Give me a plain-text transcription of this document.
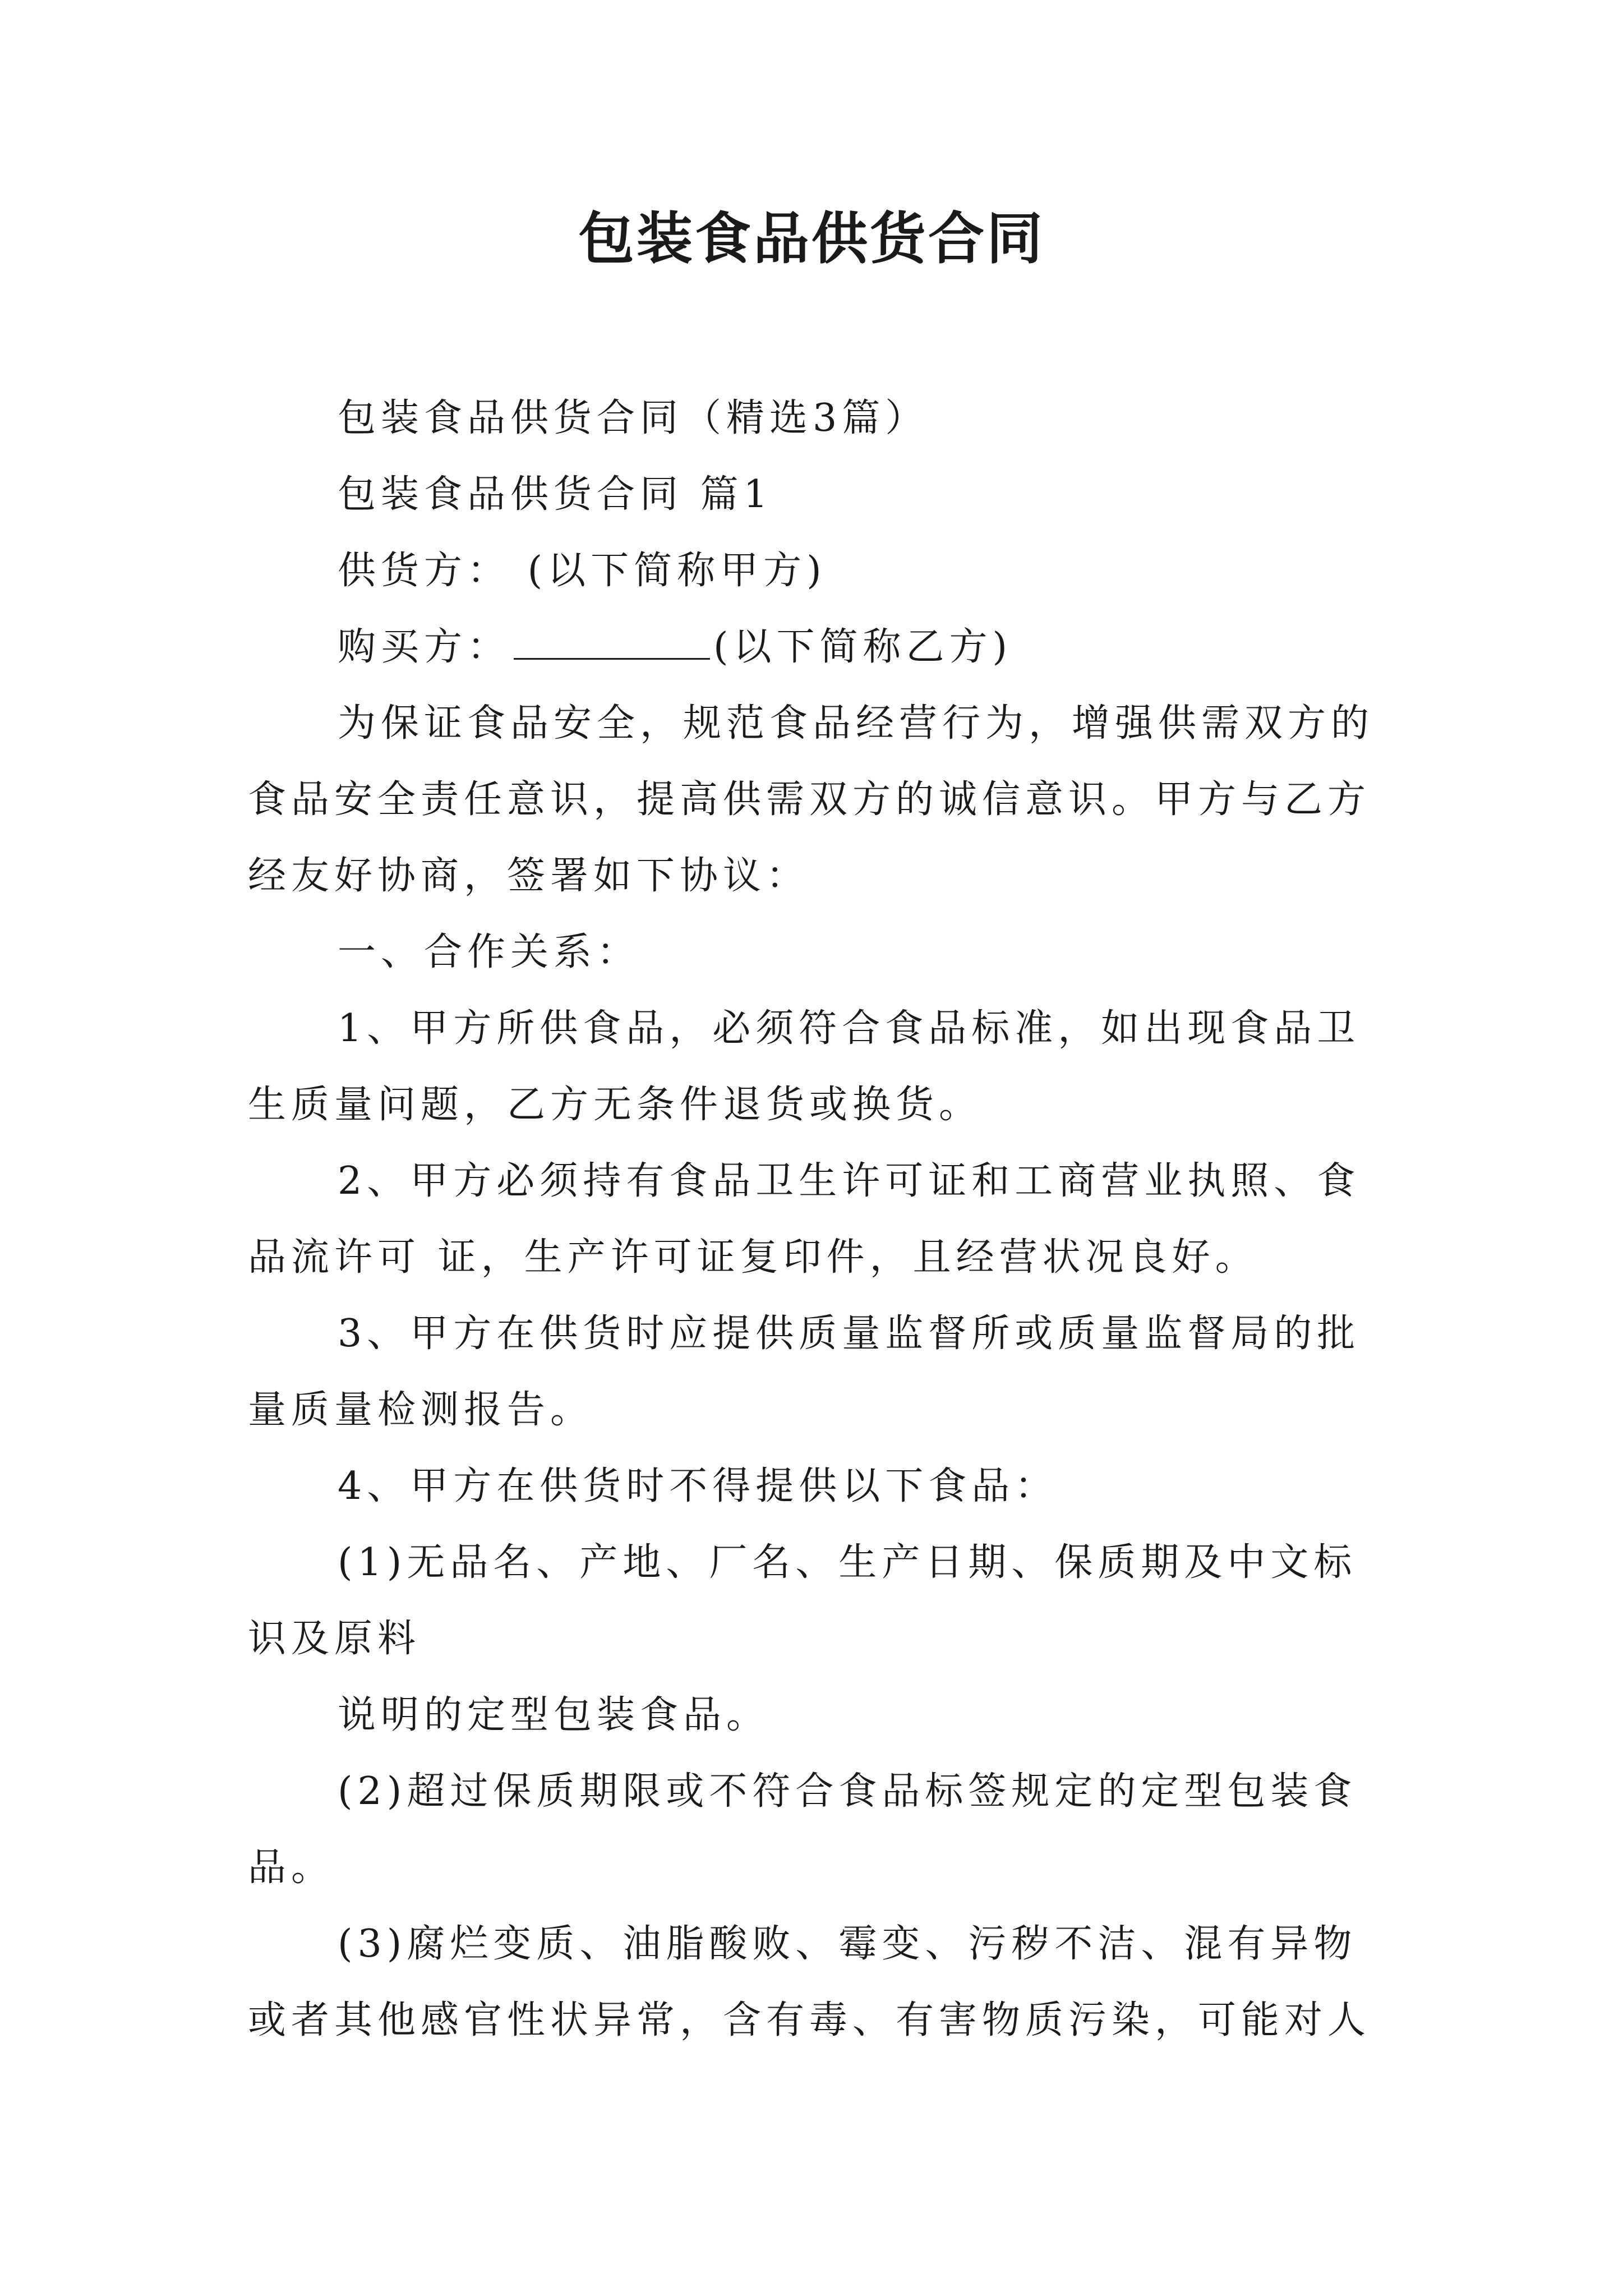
包装食品供货合同

包装食品供货合同（精选3篇）

包装食品供货合同 篇1

供货方： (以下简称甲方)

购买方：	(以下简称乙方)

为保证食品安全，规范食品经营行为，增强供需双方的

食品安全责任意识，提高供需双方的诚信意识。甲方与乙方

经友好协商，签署如下协议：

一、合作关系：

1、甲方所供食品，必须符合食品标准，如出现食品卫

生质量问题，乙方无条件退货或换货。

2、甲方必须持有食品卫生许可证和工商营业执照、食

品流许可 证，生产许可证复印件，且经营状况良好。

3、甲方在供货时应提供质量监督所或质量监督局的批

量质量检测报告。

4、甲方在供货时不得提供以下食品：

(1)无品名、产地、厂名、生产日期、保质期及中文标

识及原料

说明的定型包装食品。

(2)超过保质期限或不符合食品标签规定的定型包装食

品。

(3)腐烂变质、油脂酸败、霉变、污秽不洁、混有异物

或者其他感官性状异常，含有毒、有害物质污染，可能对人
